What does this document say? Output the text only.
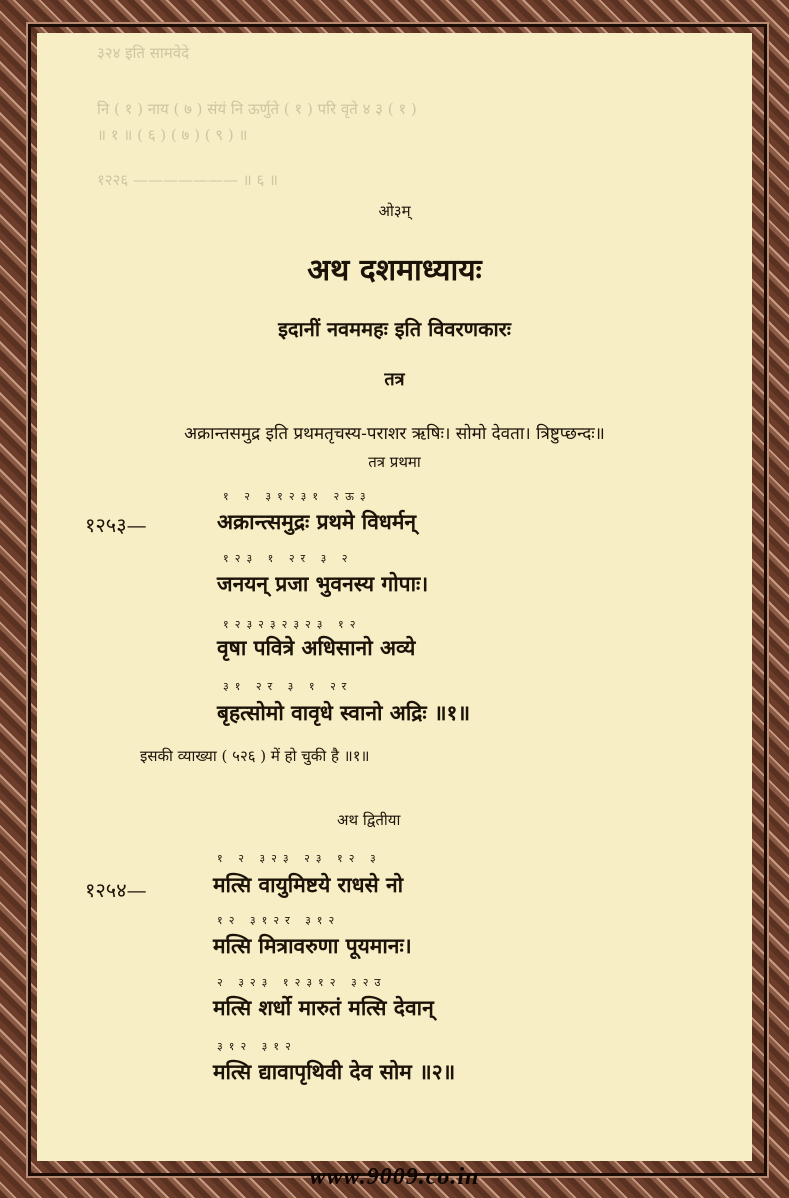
३२४ इति सामवेदे
नि ( १ ) नाय ( ७ ) संयं नि ऊर्णुते ( १ ) परि वृते ४ ३ ( १ )
॥ १ ॥ ( ६ ) ( ७ ) ( ९ ) ॥
१२२६ ——————— ॥ ६ ॥
ओ३म्
अथ दशमाध्यायः
इदानीं नवममहः इति विवरणकारः
तत्र
अक्रान्तसमुद्र इति प्रथमतृचस्य-पराशर ऋषिः। सोमो देवता। त्रिष्टुप्छन्दः॥
तत्र प्रथमा
१२५३—
१ २ ३१२३१ २ऊ३
अक्रान्त्समुद्रः प्रथमे विधर्मन्
१२३ १ २र ३ २
जनयन् प्रजा भुवनस्य गोपाः।
१२३२३२३२३ १२
वृषा पवित्रे अधिसानो अव्ये
३१ २र ३ १ २र
बृहत्सोमो वावृधे स्वानो अद्रिः ॥१॥
इसकी व्याख्या ( ५२६ ) में हो चुकी है ॥१॥
अथ द्वितीया
१२५४—
१ २ ३२३ २३ १२ ३
मत्सि वायुमिष्टये राधसे नो
१२ ३१२र ३१२
मत्सि मित्रावरुणा पूयमानः।
२ ३२३ १२३१२ ३२उ
मत्सि शर्धो मारुतं मत्सि देवान्
३१२ ३१२
मत्सि द्यावापृथिवी देव सोम ॥२॥
www.9009.co.in
